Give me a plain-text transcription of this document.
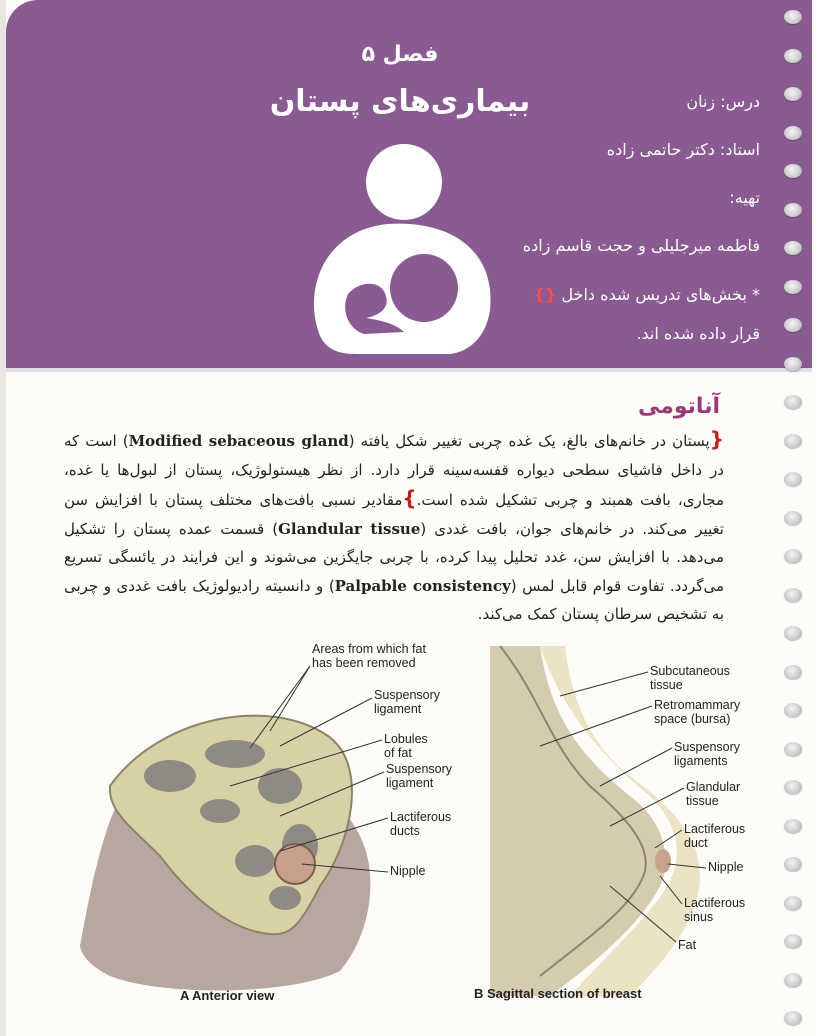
فصل ۵
بیماری‌های پستان	درس: زنان
استاد: دکتر حاتمی زاده
تهیه:
فاطمه میرجلیلی و حجت قاسم زاده
* بخش‌های تدریس شده داخل {}
قرار داده شده اند.
آناتومی
{پستان در خانم‌های بالغ، یک غده چربی تغییر شکل یافته (Modified sebaceous gland) است که در داخل فاشیای سطحی دیواره قفسه‌سینه قرار دارد. از نظر هیستولوژیک، پستان از لبول‌ها یا غده، مجاری، بافت همبند و چربی تشکیل شده است.}مقادیر نسبی بافت‌های مختلف پستان با افزایش سن تغییر می‌کند. در خانم‌های جوان، بافت غددی (Glandular tissue) قسمت عمده پستان را تشکیل می‌دهد. با افزایش سن، غدد تحلیل پیدا کرده، با چربی جایگزین می‌شوند و این فرایند در یائسگی تسریع می‌گردد. تفاوت قوام قابل لمس (Palpable consistency) و دانسیته رادیولوژیک بافت غددی و چربی به تشخیص سرطان پستان کمک می‌کند.
Areas from which fat
has been removed
Suspensory
ligament
Lobules
of fat
Suspensory
ligament
Lactiferous
ducts
Nipple
Subcutaneous
tissue
Retromammary
space (bursa)
Suspensory
ligaments
Glandular
tissue
Lactiferous
duct
Nipple
Lactiferous
sinus
Fat
A Anterior view	B Sagittal section of breast
